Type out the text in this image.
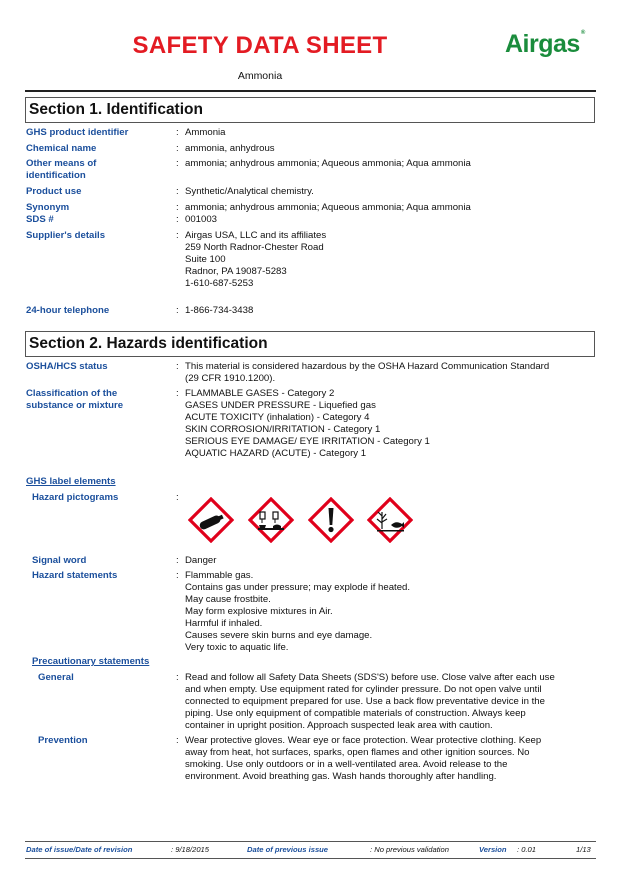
SAFETY DATA SHEET
Ammonia
Airgas®
Section 1. Identification
GHS product identifier	: Ammonia
Chemical name	: ammonia, anhydrous
Other means of identification
: ammonia; anhydrous ammonia; Aqueous ammonia; Aqua ammonia
Product use	: Synthetic/Analytical chemistry.
Synonym	: ammonia; anhydrous ammonia; Aqueous ammonia; Aqua ammonia
SDS #	: 001003
Supplier's details	: Airgas USA, LLC and its affiliates
259 North Radnor-Chester Road
Suite 100
Radnor, PA 19087-5283
1-610-687-5253
24-hour telephone	: 1-866-734-3438
Section 2. Hazards identification
OSHA/HCS status	: This material is considered hazardous by the OSHA Hazard Communication Standard
(29 CFR 1910.1200).
Classification of the substance or mixture
: FLAMMABLE GASES - Category 2
GASES UNDER PRESSURE - Liquefied gas
ACUTE TOXICITY (inhalation) - Category 4
SKIN CORROSION/IRRITATION - Category 1
SERIOUS EYE DAMAGE/ EYE IRRITATION - Category 1
AQUATIC HAZARD (ACUTE) - Category 1
GHS label elements
Hazard pictograms	:
Signal word	: Danger
Hazard statements	: Flammable gas.
Contains gas under pressure; may explode if heated.
May cause frostbite.
May form explosive mixtures in Air.
Harmful if inhaled.
Causes severe skin burns and eye damage.
Very toxic to aquatic life.
Precautionary statements
General	: Read and follow all Safety Data Sheets (SDS'S) before use. Close valve after each use
and when empty. Use equipment rated for cylinder pressure. Do not open valve until
connected to equipment prepared for use. Use a back flow preventative device in the
piping. Use only equipment of compatible materials of construction. Always keep
container in upright position. Approach suspected leak area with caution.
Prevention	: Wear protective gloves. Wear eye or face protection. Wear protective clothing. Keep
away from heat, hot surfaces, sparks, open flames and other ignition sources. No
smoking. Use only outdoors or in a well-ventilated area. Avoid release to the
environment. Avoid breathing gas. Wash hands thoroughly after handling.
Date of issue/Date of revision	: 9/18/2015	Date of previous issue	: No previous validation	Version : 0.01	1/13
